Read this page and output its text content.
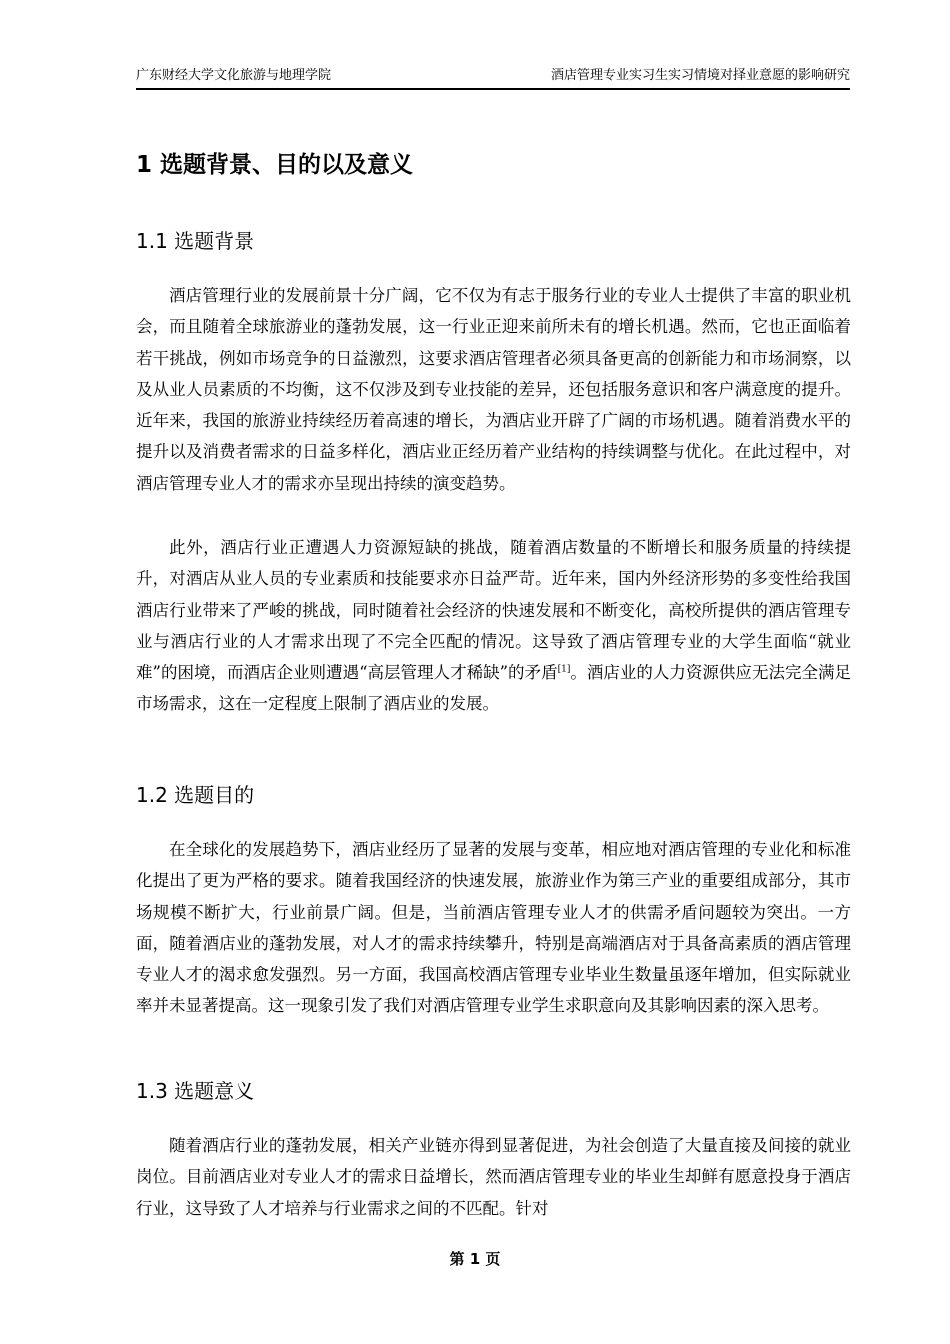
广东财经大学文化旅游与地理学院	酒店管理专业实习生实习情境对择业意愿的影响研究
1 选题背景、目的以及意义
1.1 选题背景

酒店管理行业的发展前景十分广阔，它不仅为有志于服务行业的专业人士提供了丰富的职业机会，而且随着全球旅游业的蓬勃发展，这一行业正迎来前所未有的增长机遇。然而，它也正面临着若干挑战，例如市场竞争的日益激烈，这要求酒店管理者必须具备更高的创新能力和市场洞察，以及从业人员素质的不均衡，这不仅涉及到专业技能的差异，还包括服务意识和客户满意度的提升。近年来，我国的旅游业持续经历着高速的增长，为酒店业开辟了广阔的市场机遇。随着消费水平的提升以及消费者需求的日益多样化，酒店业正经历着产业结构的持续调整与优化。在此过程中，对酒店管理专业人才的需求亦呈现出持续的演变趋势。

此外，酒店行业正遭遇人力资源短缺的挑战，随着酒店数量的不断增长和服务质量的持续提升，对酒店从业人员的专业素质和技能要求亦日益严苛。近年来，国内外经济形势的多变性给我国酒店行业带来了严峻的挑战，同时随着社会经济的快速发展和不断变化，高校所提供的酒店管理专业与酒店行业的人才需求出现了不完全匹配的情况。这导致了酒店管理专业的大学生面临“就业难”的困境，而酒店企业则遭遇“高层管理人才稀缺”的矛盾[1]。酒店业的人力资源供应无法完全满足市场需求，这在一定程度上限制了酒店业的发展。

1.2 选题目的

在全球化的发展趋势下，酒店业经历了显著的发展与变革，相应地对酒店管理的专业化和标准化提出了更为严格的要求。随着我国经济的快速发展，旅游业作为第三产业的重要组成部分，其市场规模不断扩大，行业前景广阔。但是，当前酒店管理专业人才的供需矛盾问题较为突出。一方面，随着酒店业的蓬勃发展，对人才的需求持续攀升，特别是高端酒店对于具备高素质的酒店管理专业人才的渴求愈发强烈。另一方面，我国高校酒店管理专业毕业生数量虽逐年增加，但实际就业率并未显著提高。这一现象引发了我们对酒店管理专业学生求职意向及其影响因素的深入思考。

1.3 选题意义

随着酒店行业的蓬勃发展，相关产业链亦得到显著促进，为社会创造了大量直接及间接的就业岗位。目前酒店业对专业人才的需求日益增长，然而酒店管理专业的毕业生却鲜有愿意投身于酒店行业，这导致了人才培养与行业需求之间的不匹配。针对

第 1 页
